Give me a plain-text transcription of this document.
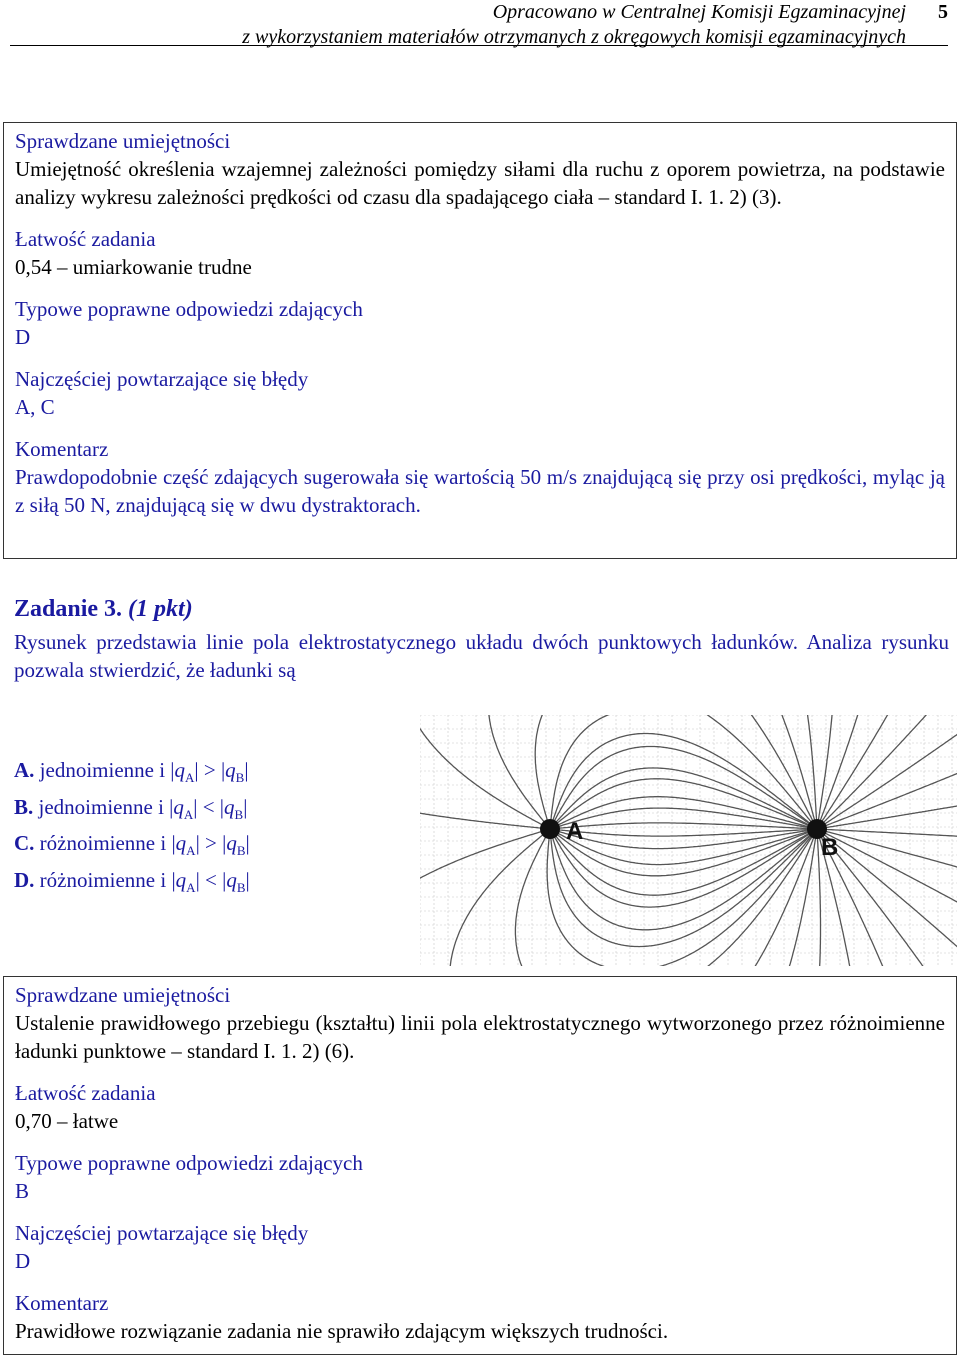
5
Opracowano w Centralnej Komisji Egzaminacyjnej
z wykorzystaniem materiałów otrzymanych z okręgowych komisji egzaminacyjnych

Sprawdzane umiejętności

Umiejętność określenia wzajemnej zależności pomiędzy siłami dla ruchu z oporem powietrza, na podstawie analizy wykresu zależności prędkości od czasu dla spadającego ciała – standard I. 1. 2) (3).

Łatwość zadania

0,54 – umiarkowanie trudne

Typowe poprawne odpowiedzi zdających

D

Najczęściej powtarzające się błędy

A, C

Komentarz

Prawdopodobnie część zdających sugerowała się wartością 50 m/s znajdującą się przy osi prędkości, myląc ją z siłą 50 N, znajdującą się w dwu dystraktorach.

Zadanie 3. (1 pkt)

Rysunek przedstawia linie pola elektrostatycznego układu dwóch punktowych ładunków. Analiza rysunku pozwala stwierdzić, że ładunki są

A. jednoimienne i $|q_A| > |q_B|$
B. jednoimienne i $|q_A| < |q_B|$
C. różnoimienne i $|q_A| > |q_B|$
D. różnoimienne i $|q_A| < |q_B|$
A
B

Sprawdzane umiejętności

Ustalenie prawidłowego przebiegu (kształtu) linii pola elektrostatycznego wytworzonego przez różnoimienne ładunki punktowe – standard I. 1. 2) (6).

Łatwość zadania

0,70 – łatwe

Typowe poprawne odpowiedzi zdających

B

Najczęściej powtarzające się błędy

D

Komentarz

Prawidłowe rozwiązanie zadania nie sprawiło zdającym większych trudności.
